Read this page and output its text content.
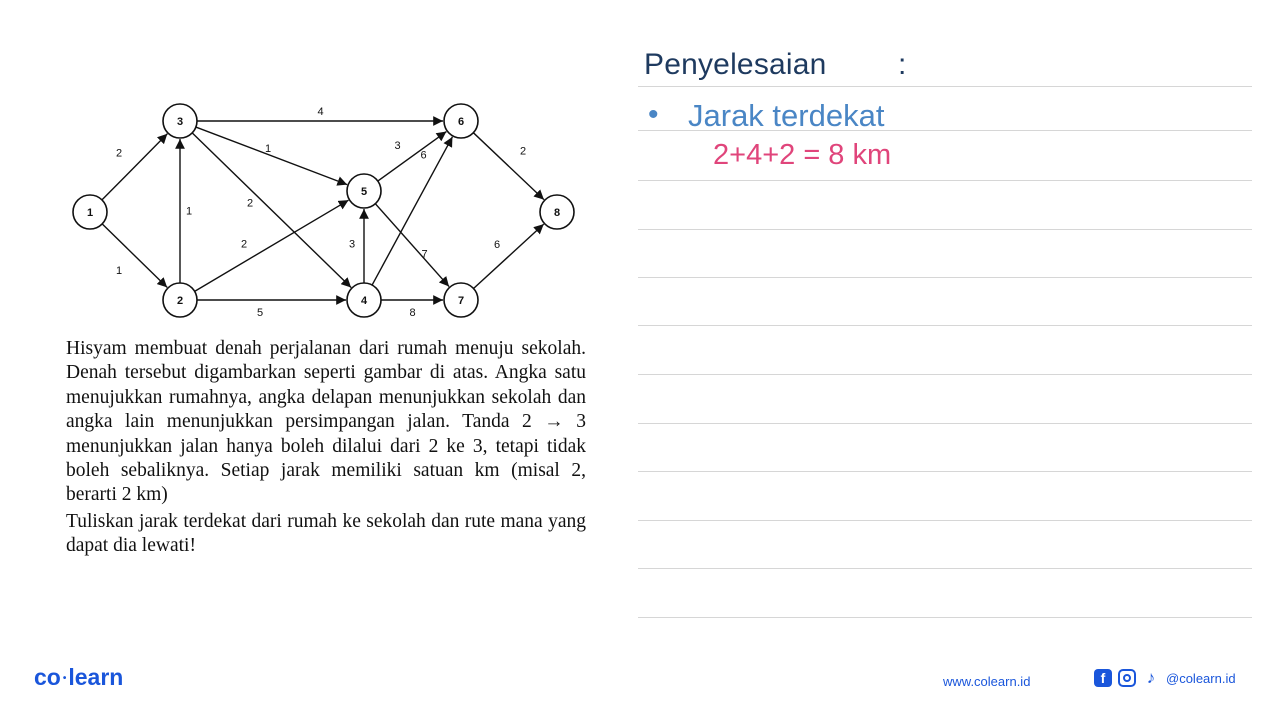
2
1
1
4
1
2
2
5
3
3
6
7
8
2
6
1
2
3
4
5
6
7
8

Hisyam membuat denah perjalanan dari rumah menuju sekolah. Denah tersebut digambarkan seperti gambar di atas. Angka satu menujukkan rumahnya, angka delapan menunjukkan sekolah dan angka lain menunjukkan persimpangan jalan. Tanda 2 → 3 menunjukkan jalan hanya boleh dilalui dari 2 ke 3, tetapi tidak boleh sebaliknya. Setiap jarak memiliki satuan km (misal 2, berarti 2 km)

Tuliskan jarak terdekat dari rumah ke sekolah dan rute mana yang dapat dia lewati!

Penyelesaian :
• Jarak terdekat
2+4+2 = 8 km
co •learn	www.colearn.id	f	♪ @colearn.id
